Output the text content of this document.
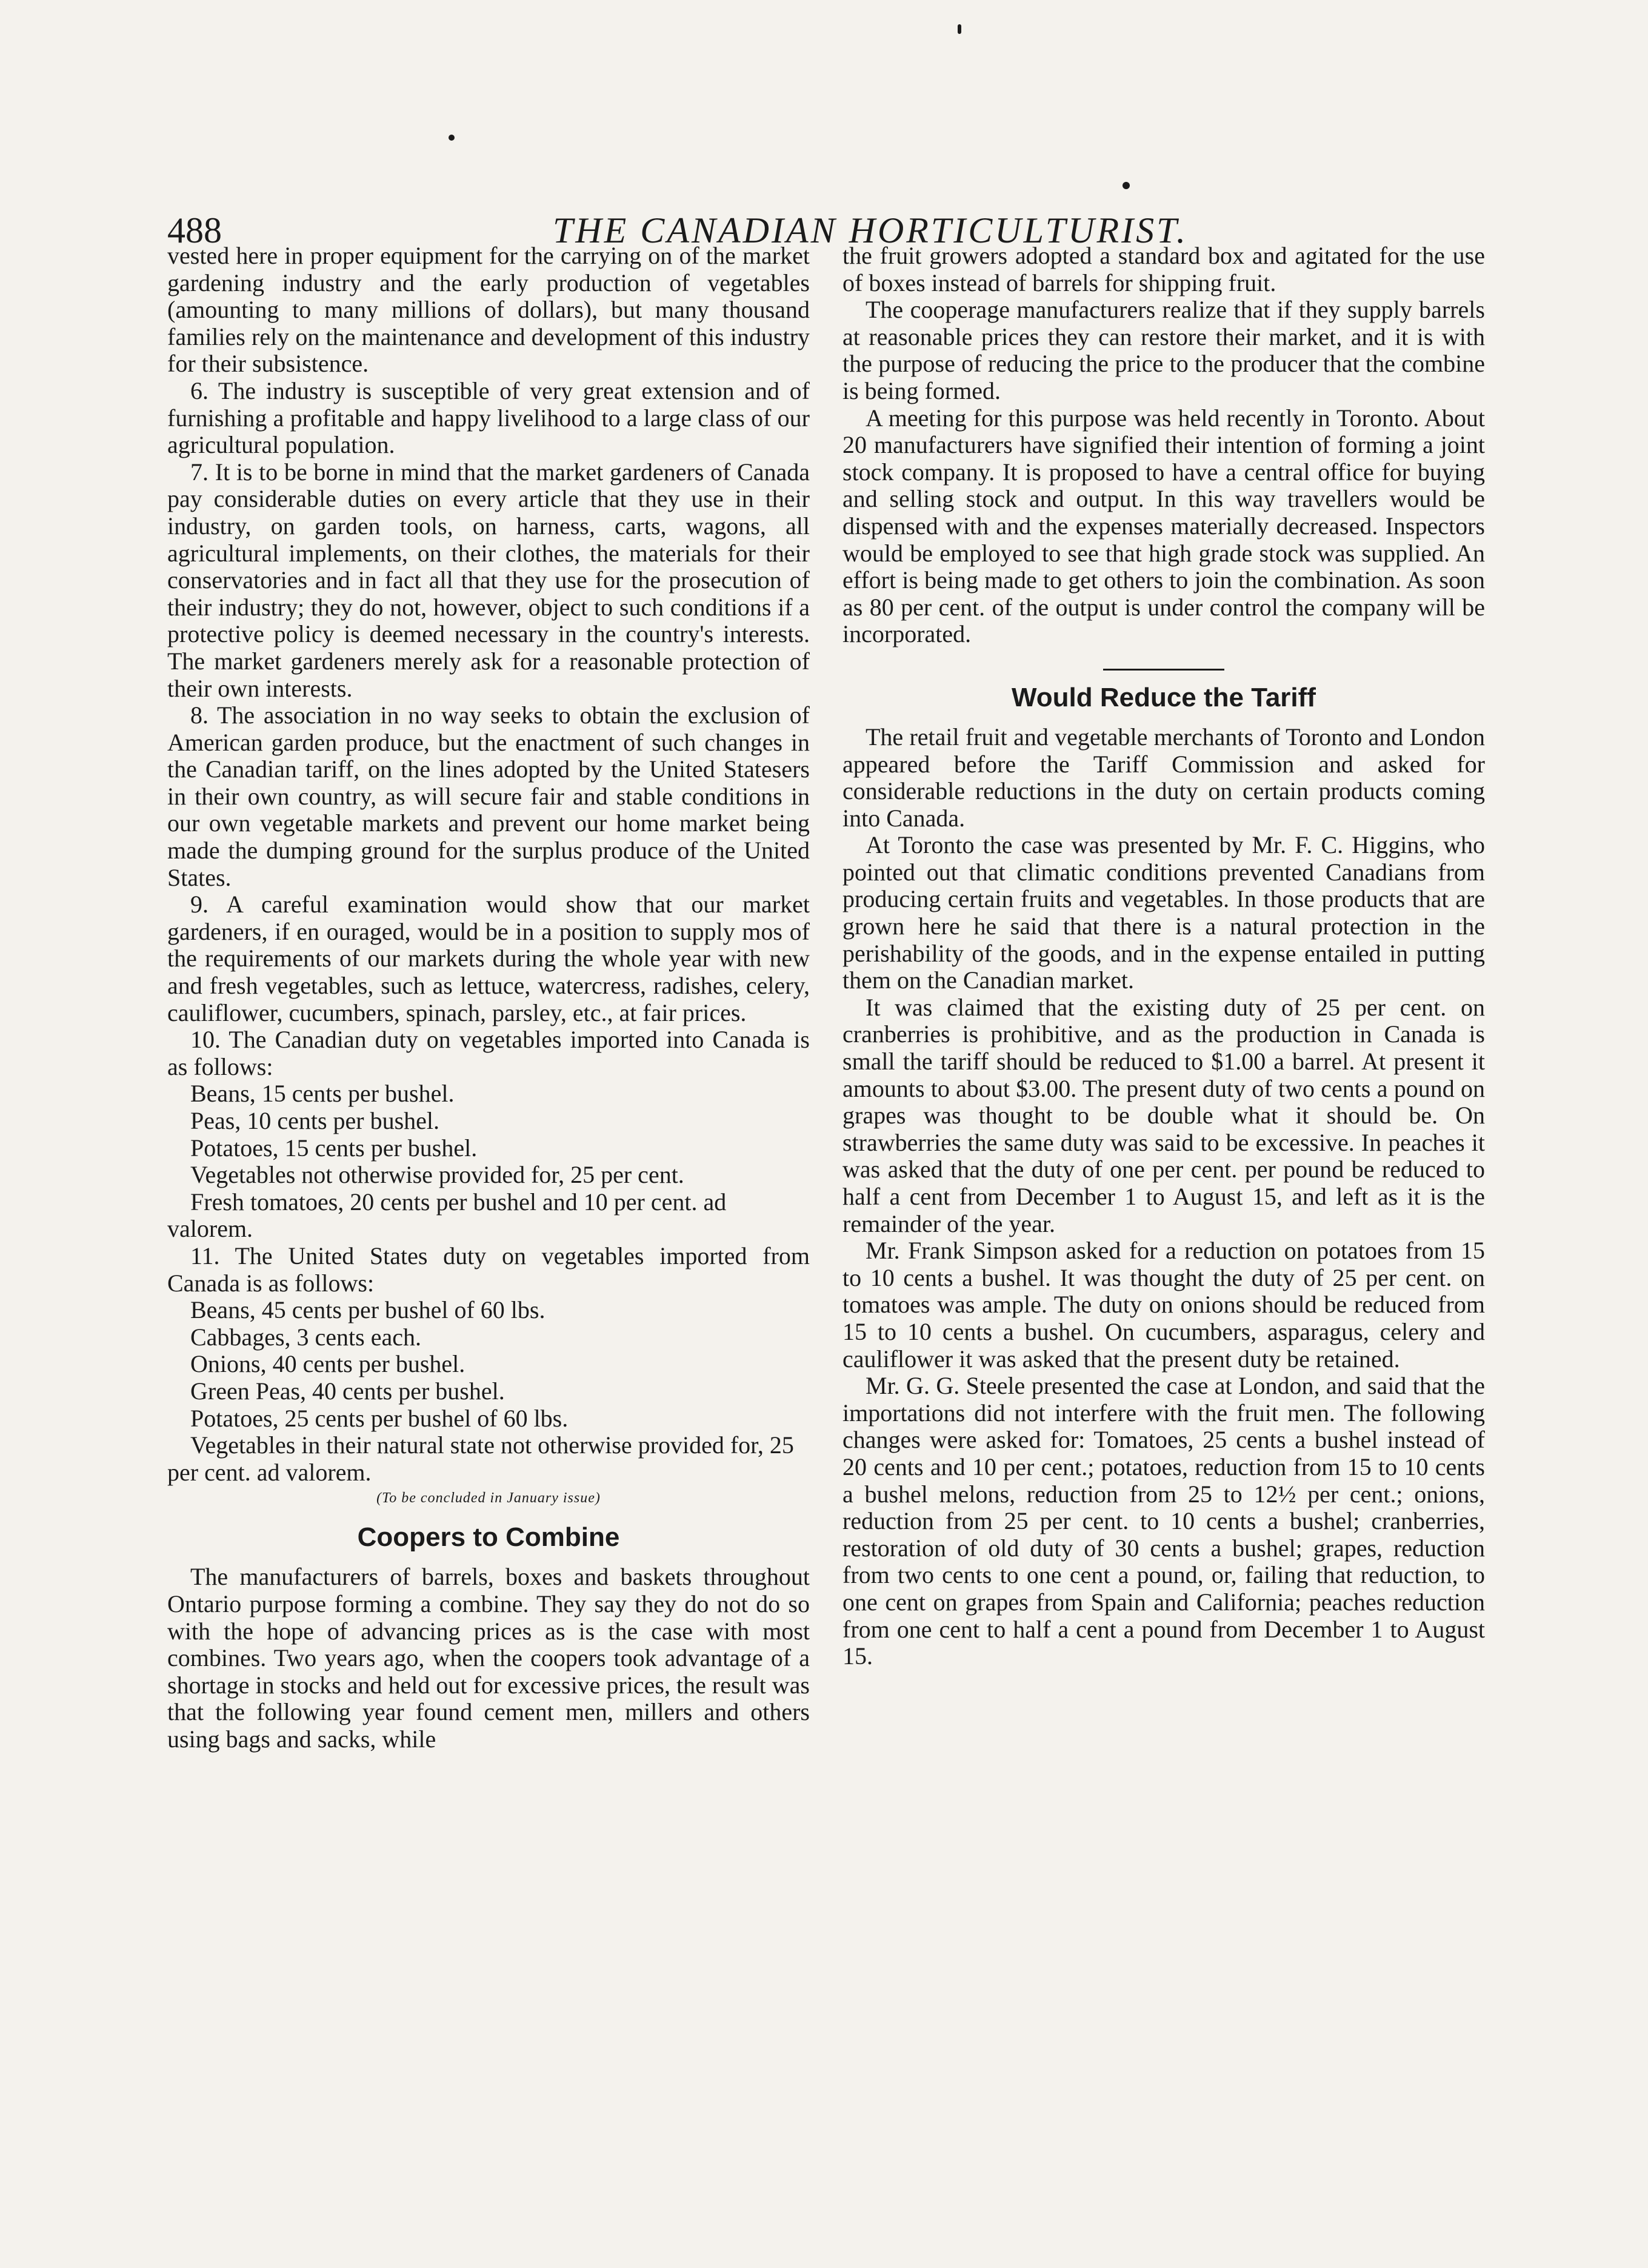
488	THE CANADIAN HORTICULTURIST.

vested here in proper equipment for the carrying on of the market gardening industry and the early production of vegetables (amounting to many millions of dollars), but many thousand families rely on the maintenance and development of this industry for their subsistence.

6. The industry is susceptible of very great extension and of furnishing a profitable and happy livelihood to a large class of our agricultural population.

7. It is to be borne in mind that the market gardeners of Canada pay considerable duties on every article that they use in their industry, on garden tools, on harness, carts, wagons, all agricultural implements, on their clothes, the materials for their conservatories and in fact all that they use for the prosecution of their industry; they do not, however, object to such conditions if a protective policy is deemed necessary in the country's interests. The market gardeners merely ask for a reasonable protection of their own interests.

8. The association in no way seeks to obtain the exclusion of American garden produce, but the enactment of such changes in the Canadian tariff, on the lines adopted by the United Statesers in their own country, as will secure fair and stable conditions in our own vegetable markets and prevent our home market being made the dumping ground for the surplus produce of the United States.

9. A careful examination would show that our market gardeners, if en ouraged, would be in a position to supply mos of the requirements of our markets during the whole year with new and fresh vegetables, such as lettuce, watercress, radishes, celery, cauliflower, cucumbers, spinach, parsley, etc., at fair prices.

10. The Canadian duty on vegetables imported into Canada is as follows:

Beans, 15 cents per bushel.
Peas, 10 cents per bushel.
Potatoes, 15 cents per bushel.
Vegetables not otherwise provided for, 25 per cent.
Fresh tomatoes, 20 cents per bushel and 10 per cent. ad valorem.

11. The United States duty on vegetables imported from Canada is as follows:

Beans, 45 cents per bushel of 60 lbs.
Cabbages, 3 cents each.
Onions, 40 cents per bushel.
Green Peas, 40 cents per bushel.
Potatoes, 25 cents per bushel of 60 lbs.
Vegetables in their natural state not otherwise provided for, 25 per cent. ad valorem.
(To be concluded in January issue)
Coopers to Combine

The manufacturers of barrels, boxes and baskets throughout Ontario purpose forming a combine. They say they do not do so with the hope of advancing prices as is the case with most combines. Two years ago, when the coopers took advantage of a shortage in stocks and held out for excessive prices, the result was that the following year found cement men, millers and others using bags and sacks, while

the fruit growers adopted a standard box and agitated for the use of boxes instead of barrels for shipping fruit.

The cooperage manufacturers realize that if they supply barrels at reasonable prices they can restore their market, and it is with the purpose of reducing the price to the producer that the combine is being formed.

A meeting for this purpose was held recently in Toronto. About 20 manufacturers have signified their intention of forming a joint stock company. It is proposed to have a central office for buying and selling stock and output. In this way travellers would be dispensed with and the expenses materially decreased. Inspectors would be employed to see that high grade stock was supplied. An effort is being made to get others to join the combination. As soon as 80 per cent. of the output is under control the company will be incorporated.

Would Reduce the Tariff

The retail fruit and vegetable merchants of Toronto and London appeared before the Tariff Commission and asked for considerable reductions in the duty on certain products coming into Canada.

At Toronto the case was presented by Mr. F. C. Higgins, who pointed out that climatic conditions prevented Canadians from producing certain fruits and vegetables. In those products that are grown here he said that there is a natural protection in the perishability of the goods, and in the expense entailed in putting them on the Canadian market.

It was claimed that the existing duty of 25 per cent. on cranberries is prohibitive, and as the production in Canada is small the tariff should be reduced to $1.00 a barrel. At present it amounts to about $3.00. The present duty of two cents a pound on grapes was thought to be double what it should be. On strawberries the same duty was said to be excessive. In peaches it was asked that the duty of one per cent. per pound be reduced to half a cent from December 1 to August 15, and left as it is the remainder of the year.

Mr. Frank Simpson asked for a reduction on potatoes from 15 to 10 cents a bushel. It was thought the duty of 25 per cent. on tomatoes was ample. The duty on onions should be reduced from 15 to 10 cents a bushel. On cucumbers, asparagus, celery and cauliflower it was asked that the present duty be retained.

Mr. G. G. Steele presented the case at London, and said that the importations did not interfere with the fruit men. The following changes were asked for: Tomatoes, 25 cents a bushel instead of 20 cents and 10 per cent.; potatoes, reduction from 15 to 10 cents a bushel melons, reduction from 25 to 12½ per cent.; onions, reduction from 25 per cent. to 10 cents a bushel; cranberries, restoration of old duty of 30 cents a bushel; grapes, reduction from two cents to one cent a pound, or, failing that reduction, to one cent on grapes from Spain and California; peaches reduction from one cent to half a cent a pound from December 1 to August 15.
